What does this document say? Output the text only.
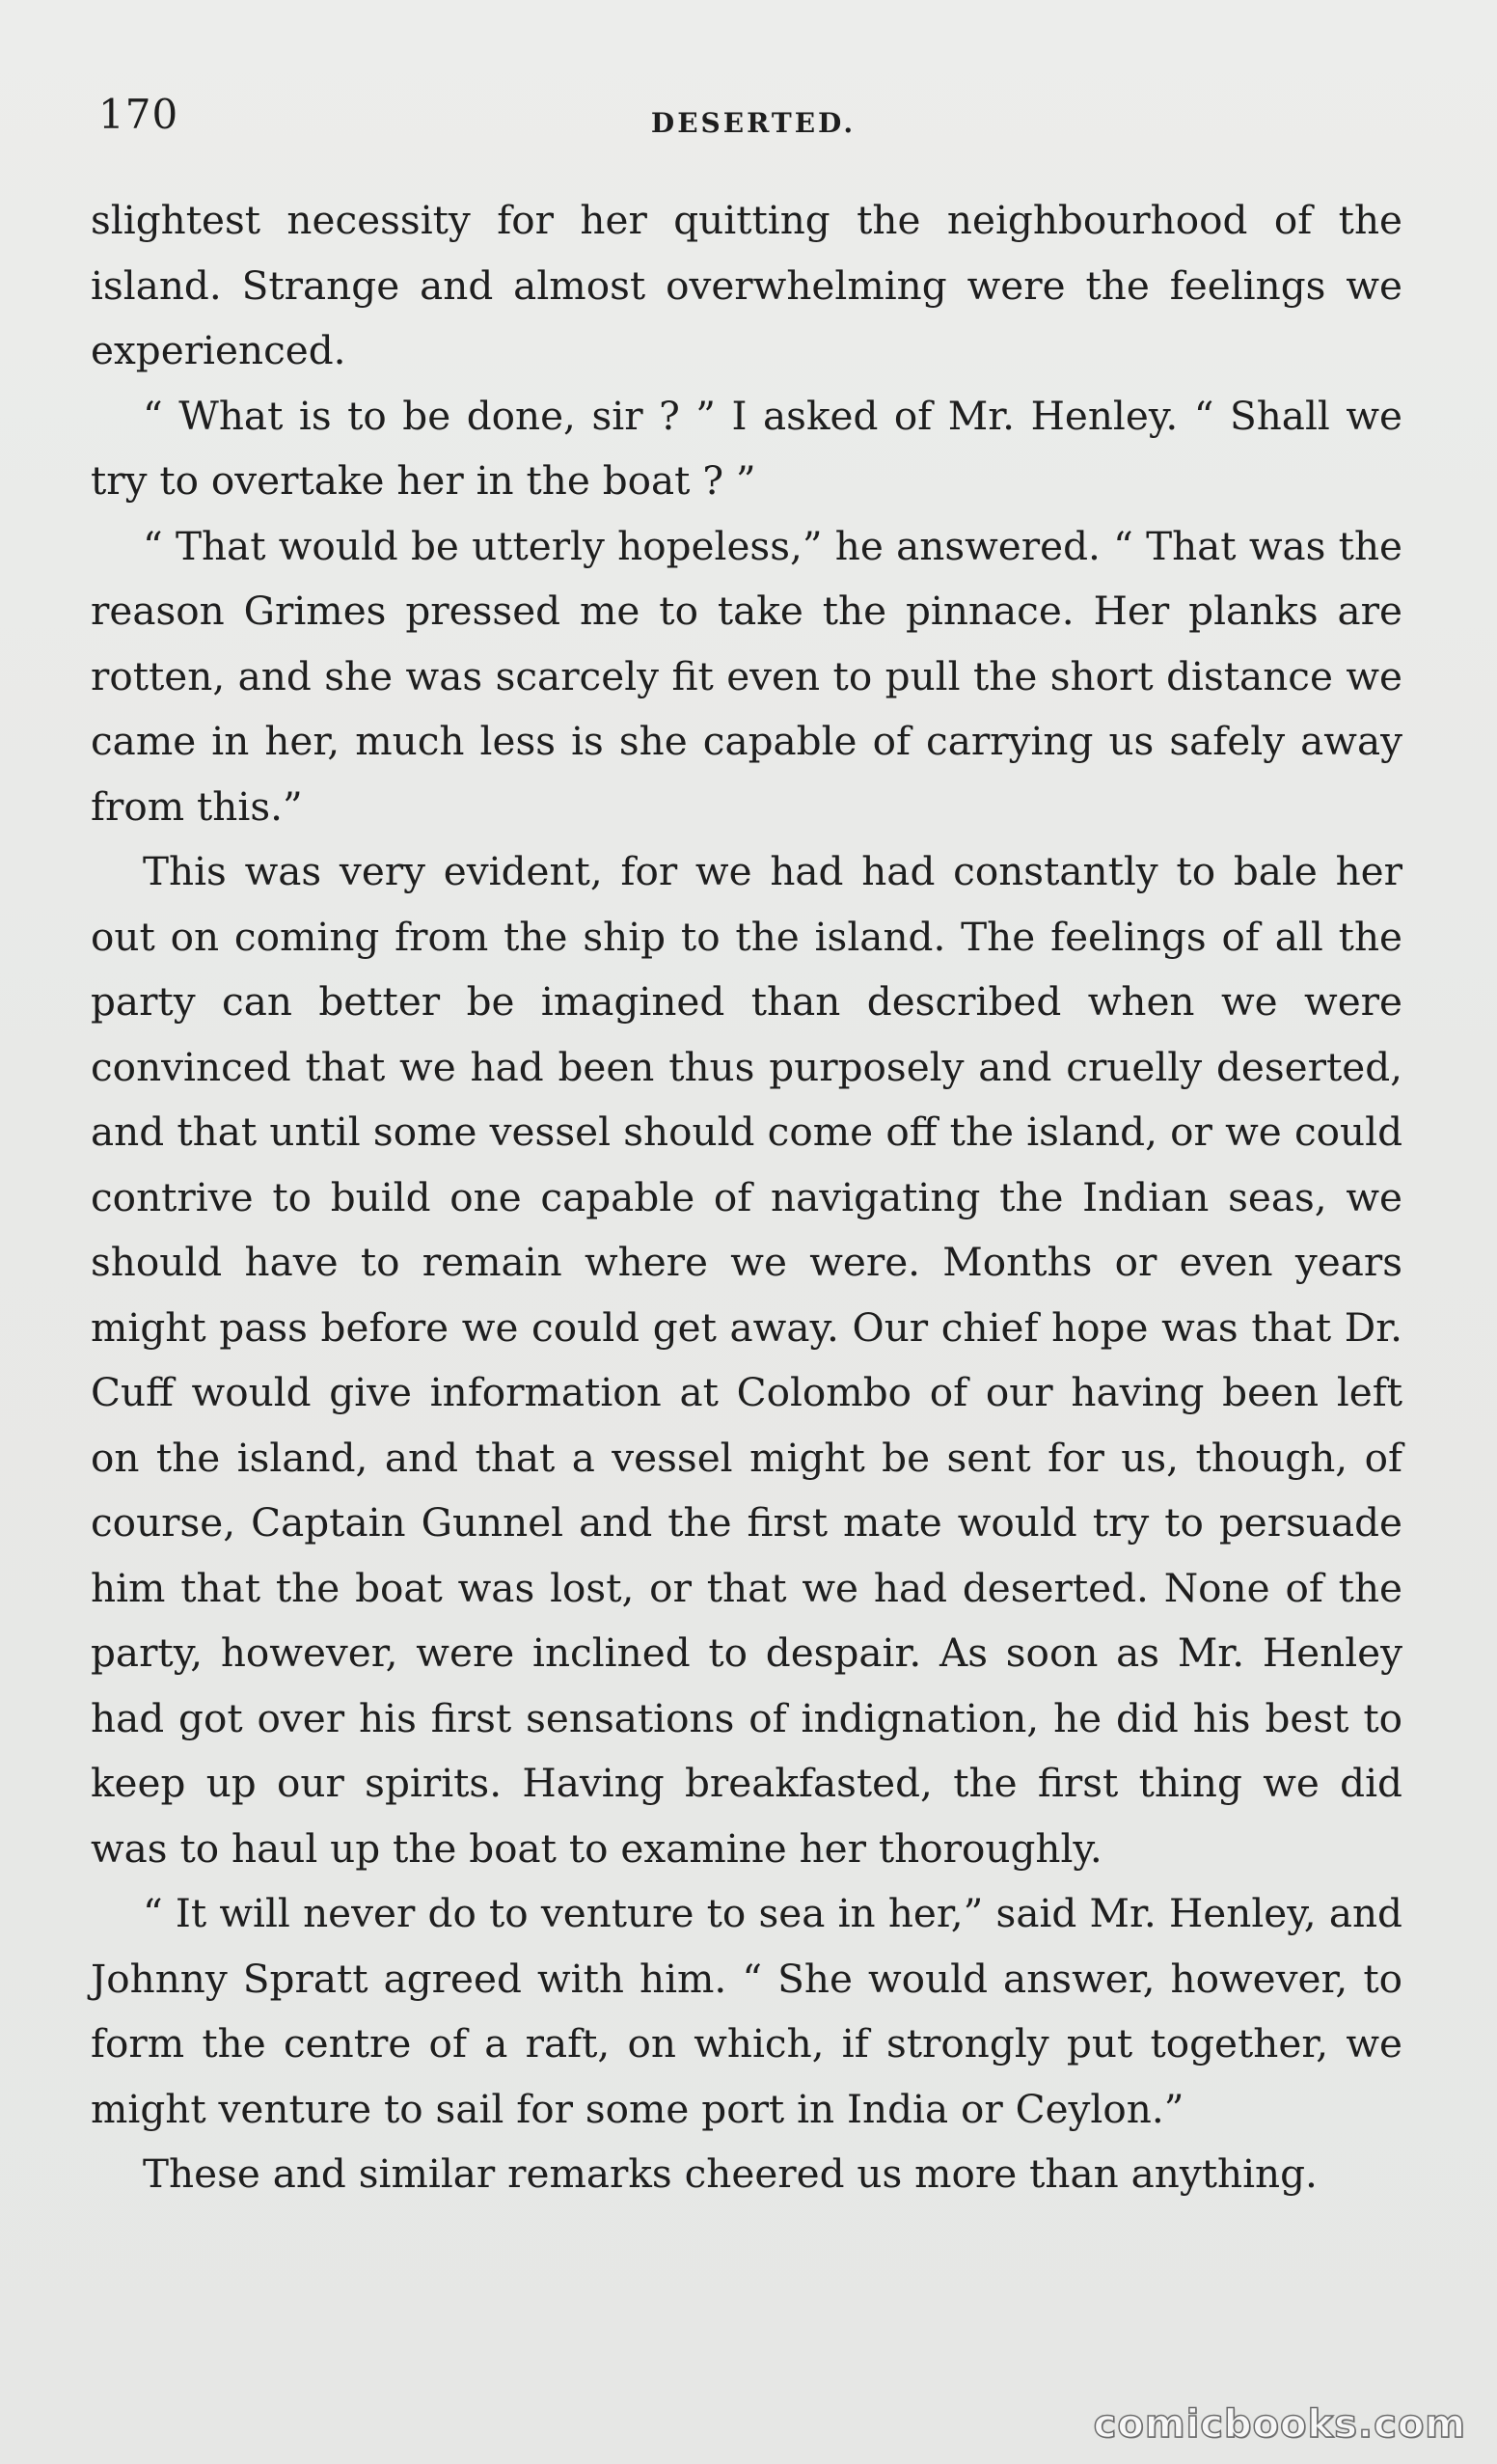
170	DESERTED.

slightest necessity for her quitting the neighbourhood of the island. Strange and almost overwhelming were the feelings we experienced.

“ What is to be done, sir ? ” I asked of Mr. Henley. “ Shall we try to overtake her in the boat ? ”

“ That would be utterly hopeless,” he answered. “ That was the reason Grimes pressed me to take the pinnace. Her planks are rotten, and she was scarcely fit even to pull the short distance we came in her, much less is she capable of carrying us safely away from this.”

This was very evident, for we had had constantly to bale her out on coming from the ship to the island. The feelings of all the party can better be imagined than described when we were convinced that we had been thus purposely and cruelly deserted, and that until some vessel should come off the island, or we could contrive to build one capable of navigating the Indian seas, we should have to remain where we were. Months or even years might pass before we could get away. Our chief hope was that Dr. Cuff would give information at Colombo of our having been left on the island, and that a vessel might be sent for us, though, of course, Captain Gunnel and the first mate would try to persuade him that the boat was lost, or that we had deserted. None of the party, however, were inclined to despair. As soon as Mr. Henley had got over his first sensations of indignation, he did his best to keep up our spirits. Having breakfasted, the first thing we did was to haul up the boat to examine her thoroughly.

“ It will never do to venture to sea in her,” said Mr. Henley, and Johnny Spratt agreed with him. “ She would answer, however, to form the centre of a raft, on which, if strongly put together, we might venture to sail for some port in India or Ceylon.”

These and similar remarks cheered us more than anything.

comicbooks.com
